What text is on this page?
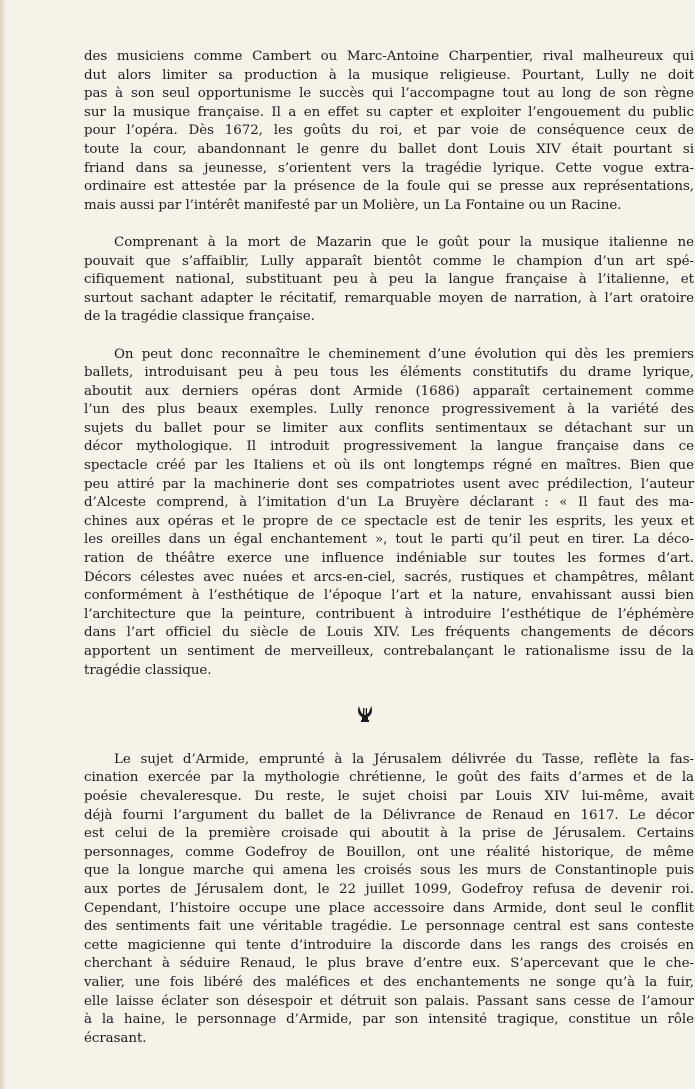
des musiciens comme Cambert ou Marc-Antoine Charpentier, rival malheureux qui
dut alors limiter sa production à la musique religieuse. Pourtant, Lully ne doit
pas à son seul opportunisme le succès qui l’accompagne tout au long de son règne
sur la musique française. Il a en effet su capter et exploiter l’engouement du public
pour l’opéra. Dès 1672, les goûts du roi, et par voie de conséquence ceux de
toute la cour, abandonnant le genre du ballet dont Louis XIV était pourtant si
friand dans sa jeunesse, s’orientent vers la tragédie lyrique. Cette vogue extra-
ordinaire est attestée par la présence de la foule qui se presse aux représentations,
mais aussi par l’intérêt manifesté par un Molière, un La Fontaine ou un Racine.
Comprenant à la mort de Mazarin que le goût pour la musique italienne ne
pouvait que s’affaiblir, Lully apparaît bientôt comme le champion d’un art spé-
cifiquement national, substituant peu à peu la langue française à l’italienne, et
surtout sachant adapter le récitatif, remarquable moyen de narration, à l’art oratoire
de la tragédie classique française.
On peut donc reconnaître le cheminement d’une évolution qui dès les premiers
ballets, introduisant peu à peu tous les éléments constitutifs du drame lyrique,
aboutit aux derniers opéras dont Armide (1686) apparaît certainement comme
l’un des plus beaux exemples. Lully renonce progressivement à la variété des
sujets du ballet pour se limiter aux conflits sentimentaux se détachant sur un
décor mythologique. Il introduit progressivement la langue française dans ce
spectacle créé par les Italiens et où ils ont longtemps régné en maîtres. Bien que
peu attiré par la machinerie dont ses compatriotes usent avec prédilection, l’auteur
d’Alceste comprend, à l’imitation d’un La Bruyère déclarant : « Il faut des ma-
chines aux opéras et le propre de ce spectacle est de tenir les esprits, les yeux et
les oreilles dans un égal enchantement », tout le parti qu’il peut en tirer. La déco-
ration de théâtre exerce une influence indéniable sur toutes les formes d’art.
Décors célestes avec nuées et arcs-en-ciel, sacrés, rustiques et champêtres, mêlant
conformément à l’esthétique de l’époque l’art et la nature, envahissant aussi bien
l’architecture que la peinture, contribuent à introduire l’esthétique de l’éphémère
dans l’art officiel du siècle de Louis XIV. Les fréquents changements de décors
apportent un sentiment de merveilleux, contrebalançant le rationalisme issu de la
tragédie classique.
Le sujet d’Armide, emprunté à la Jérusalem délivrée du Tasse, reflète la fas-
cination exercée par la mythologie chrétienne, le goût des faits d’armes et de la
poésie chevaleresque. Du reste, le sujet choisi par Louis XIV lui-même, avait
déjà fourni l’argument du ballet de la Délivrance de Renaud en 1617. Le décor
est celui de la première croisade qui aboutit à la prise de Jérusalem. Certains
personnages, comme Godefroy de Bouillon, ont une réalité historique, de même
que la longue marche qui amena les croisés sous les murs de Constantinople puis
aux portes de Jérusalem dont, le 22 juillet 1099, Godefroy refusa de devenir roi.
Cependant, l’histoire occupe une place accessoire dans Armide, dont seul le conflit
des sentiments fait une véritable tragédie. Le personnage central est sans conteste
cette magicienne qui tente d’introduire la discorde dans les rangs des croisés en
cherchant à séduire Renaud, le plus brave d’entre eux. S’apercevant que le che-
valier, une fois libéré des maléfices et des enchantements ne songe qu’à la fuir,
elle laisse éclater son désespoir et détruit son palais. Passant sans cesse de l’amour
à la haine, le personnage d’Armide, par son intensité tragique, constitue un rôle
écrasant.
